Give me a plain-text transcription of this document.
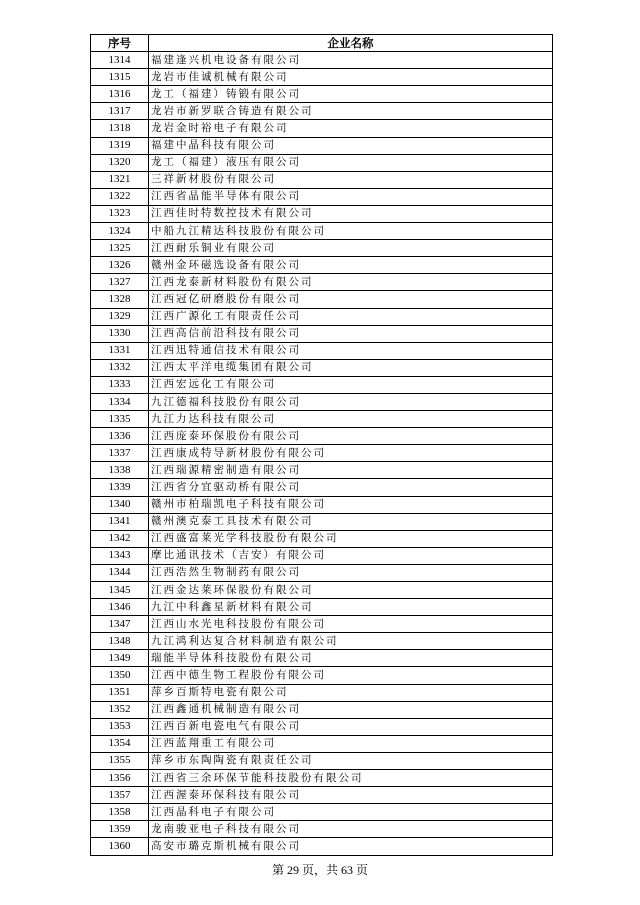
序号	企业名称
1314	福建逢兴机电设备有限公司
1315	龙岩市佳诚机械有限公司
1316	龙工（福建）铸锻有限公司
1317	龙岩市新罗联合铸造有限公司
1318	龙岩金时裕电子有限公司
1319	福建中晶科技有限公司
1320	龙工（福建）液压有限公司
1321	三祥新材股份有限公司
1322	江西省晶能半导体有限公司
1323	江西佳时特数控技术有限公司
1324	中船九江精达科技股份有限公司
1325	江西耐乐铜业有限公司
1326	赣州金环磁选设备有限公司
1327	江西龙泰新材料股份有限公司
1328	江西冠亿研磨股份有限公司
1329	江西广源化工有限责任公司
1330	江西高信前沿科技有限公司
1331	江西迅特通信技术有限公司
1332	江西太平洋电缆集团有限公司
1333	江西宏远化工有限公司
1334	九江德福科技股份有限公司
1335	九江力达科技有限公司
1336	江西庞泰环保股份有限公司
1337	江西康成特导新材股份有限公司
1338	江西瑞源精密制造有限公司
1339	江西省分宜驱动桥有限公司
1340	赣州市柏瑞凯电子科技有限公司
1341	赣州澳克泰工具技术有限公司
1342	江西盛富莱光学科技股份有限公司
1343	摩比通讯技术（吉安）有限公司
1344	江西浩然生物制药有限公司
1345	江西金达莱环保股份有限公司
1346	九江中科鑫星新材料有限公司
1347	江西山水光电科技股份有限公司
1348	九江鸿利达复合材料制造有限公司
1349	瑞能半导体科技股份有限公司
1350	江西中德生物工程股份有限公司
1351	萍乡百斯特电瓷有限公司
1352	江西鑫通机械制造有限公司
1353	江西百新电瓷电气有限公司
1354	江西蓝翔重工有限公司
1355	萍乡市东陶陶瓷有限责任公司
1356	江西省三余环保节能科技股份有限公司
1357	江西渥泰环保科技有限公司
1358	江西晶科电子有限公司
1359	龙南骏亚电子科技有限公司
1360	高安市璐克斯机械有限公司
第 29 页，共 63 页
